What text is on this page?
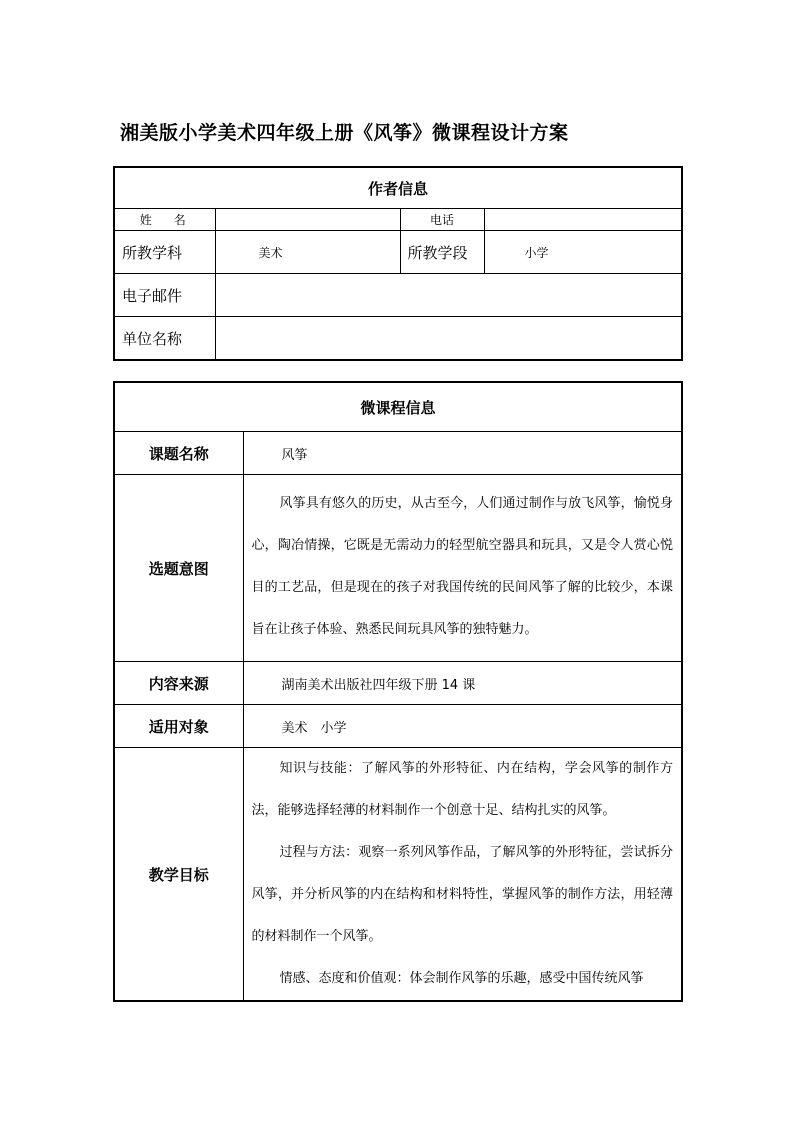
湘美版小学美术四年级上册《风筝》微课程设计方案
作者信息			
姓名		电话	
所教学科	美术	所教学段	小学
电子邮件			
单位名称			
微课程信息	
课题名称	风筝
选题意图	风筝具有悠久的历史，从古至今，人们通过制作与放飞风筝，愉悦身心，陶冶情操，它既是无需动力的轻型航空器具和玩具，又是令人赏心悦目的工艺品，但是现在的孩子对我国传统的民间风筝了解的比较少，本课旨在让孩子体验、熟悉民间玩具风筝的独特魅力。

内容来源	湖南美术出版社四年级下册 14 课
适用对象	美术　小学
教学目标	知识与技能：了解风筝的外形特征、内在结构，学会风筝的制作方法，能够选择轻薄的材料制作一个创意十足、结构扎实的风筝。
过程与方法：观察一系列风筝作品，了解风筝的外形特征，尝试拆分风筝，并分析风筝的内在结构和材料特性，掌握风筝的制作方法，用轻薄的材料制作一个风筝。
情感、态度和价值观：体会制作风筝的乐趣，感受中国传统风筝
